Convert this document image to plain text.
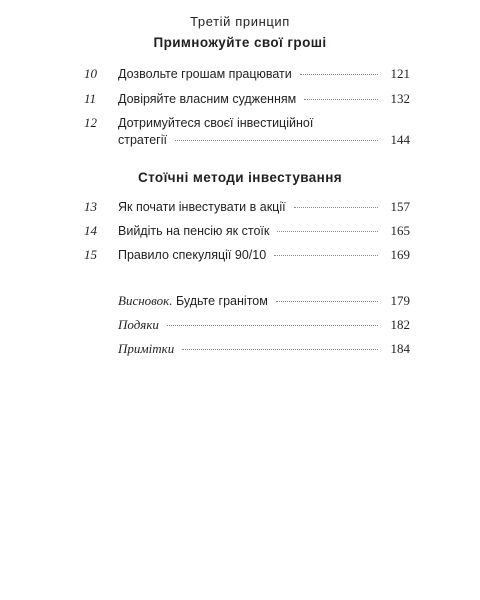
Третій принцип
Примножуйте свої гроші
10	Дозвольте грошам працювати	121
11	Довіряйте власним судженням	132
12	Дотримуйтеся своєї інвестиційної
стратегії	144
Стоїчні методи інвестування
13	Як почати інвестувати в акції	157
14	Вийдіть на пенсію як стоїк	165
15	Правило спекуляції 90/10	169
Висновок. Будьте гранітом	179
Подяки	182
Примітки	184
